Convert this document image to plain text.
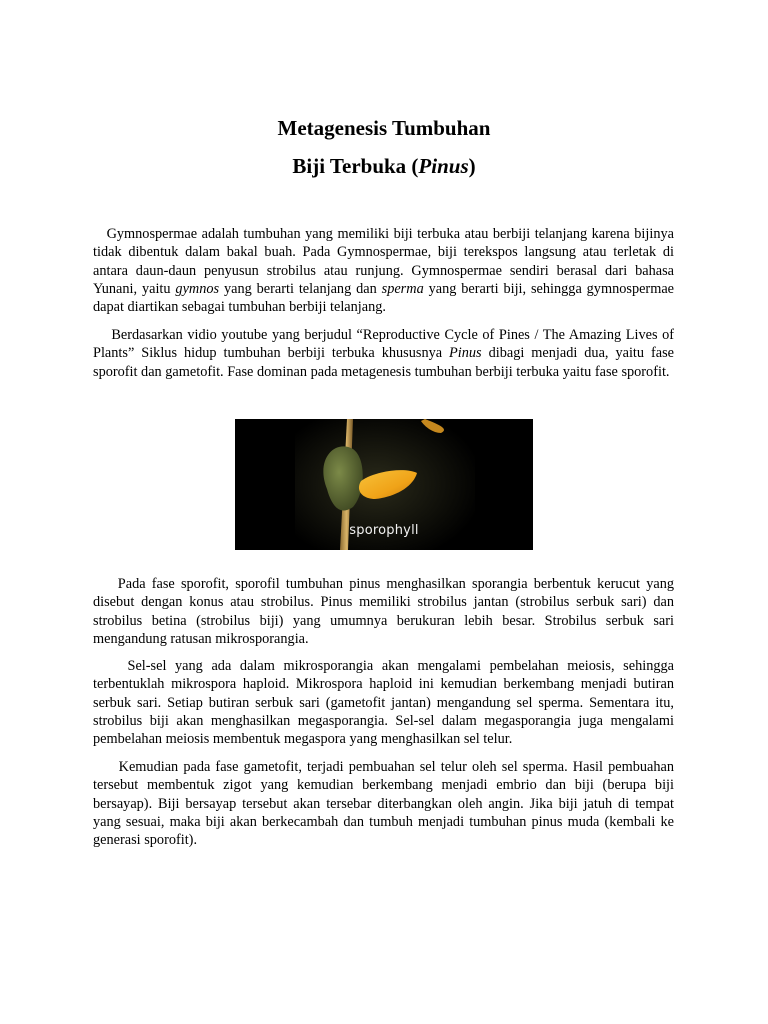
Metagenesis Tumbuhan
Biji Terbuka (Pinus)

Gymnospermae adalah tumbuhan yang memiliki biji terbuka atau berbiji telanjang karena bijinya tidak dibentuk dalam bakal buah. Pada Gymnospermae, biji terekspos langsung atau terletak di antara daun-daun penyusun strobilus atau runjung. Gymnospermae sendiri berasal dari bahasa Yunani, yaitu gymnos yang berarti telanjang dan sperma yang berarti biji, sehingga gymnospermae dapat diartikan sebagai tumbuhan berbiji telanjang.

Berdasarkan vidio youtube yang berjudul “Reproductive Cycle of Pines / The Amazing Lives of Plants” Siklus hidup tumbuhan berbiji terbuka khususnya Pinus dibagi menjadi dua, yaitu fase sporofit dan gametofit. Fase dominan pada metagenesis tumbuhan berbiji terbuka yaitu fase sporofit.

sporophyll

Pada fase sporofit, sporofil tumbuhan pinus menghasilkan sporangia berbentuk kerucut yang disebut dengan konus atau strobilus. Pinus memiliki strobilus jantan (strobilus serbuk sari) dan strobilus betina (strobilus biji) yang umumnya berukuran lebih besar. Strobilus serbuk sari mengandung ratusan mikrosporangia.

Sel-sel yang ada dalam mikrosporangia akan mengalami pembelahan meiosis, sehingga terbentuklah mikrospora haploid. Mikrospora haploid ini kemudian berkembang menjadi butiran serbuk sari. Setiap butiran serbuk sari (gametofit jantan) mengandung sel sperma. Sementara itu, strobilus biji akan menghasilkan megasporangia. Sel-sel dalam megasporangia juga mengalami pembelahan meiosis membentuk megaspora yang menghasilkan sel telur.

Kemudian pada fase gametofit, terjadi pembuahan sel telur oleh sel sperma. Hasil pembuahan tersebut membentuk zigot yang kemudian berkembang menjadi embrio dan biji (berupa biji bersayap). Biji bersayap tersebut akan tersebar diterbangkan oleh angin. Jika biji jatuh di tempat yang sesuai, maka biji akan berkecambah dan tumbuh menjadi tumbuhan pinus muda (kembali ke generasi sporofit).
